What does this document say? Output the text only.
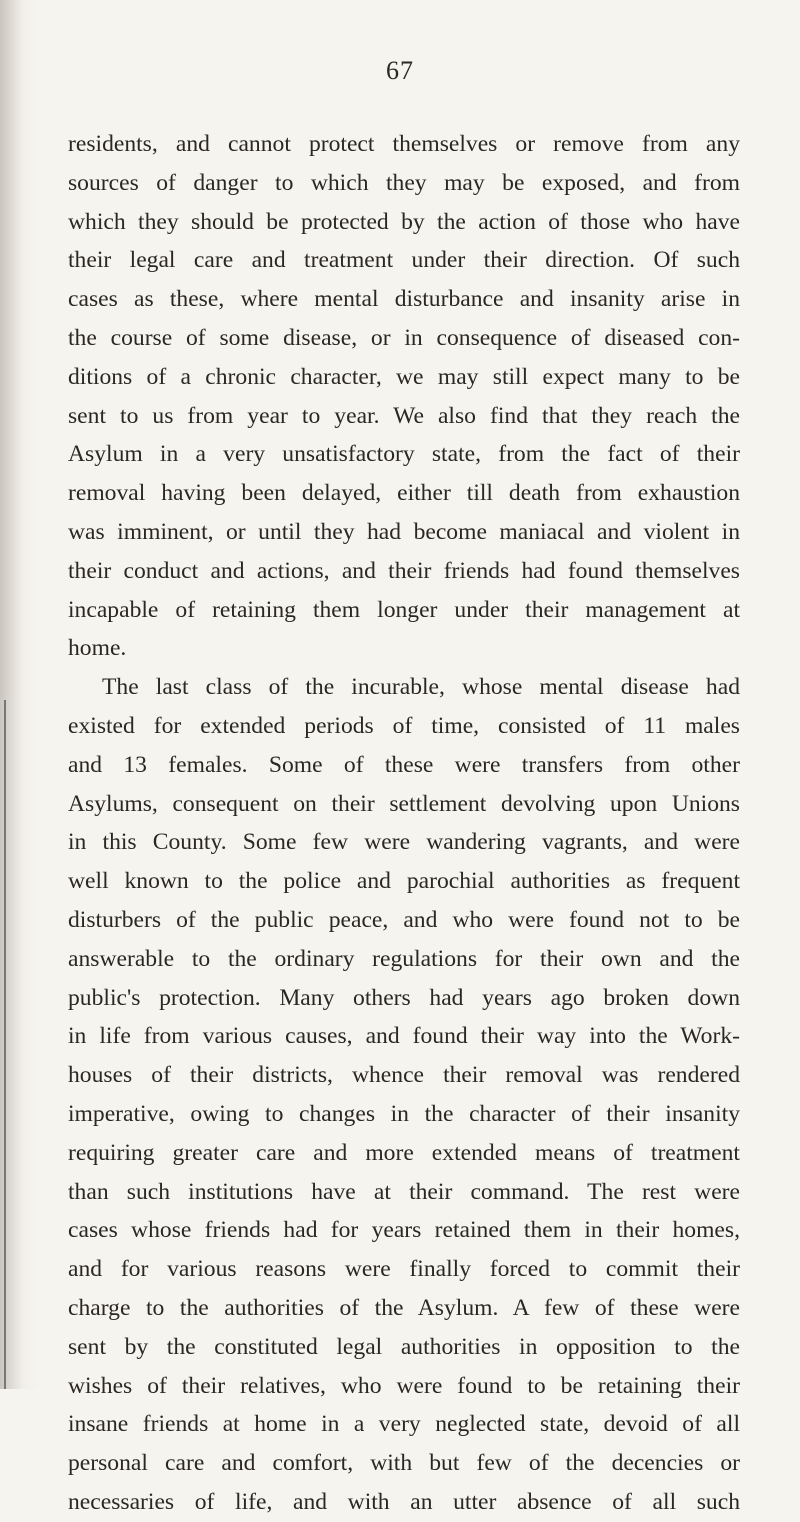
67
residents, and cannot protect themselves or remove from any
sources of danger to which they may be exposed, and from
which they should be protected by the action of those who have
their legal care and treatment under their direction. Of such
cases as these, where mental disturbance and insanity arise in
the course of some disease, or in consequence of diseased con-
ditions of a chronic character, we may still expect many to be
sent to us from year to year. We also find that they reach the
Asylum in a very unsatisfactory state, from the fact of their
removal having been delayed, either till death from exhaustion
was imminent, or until they had become maniacal and violent in
their conduct and actions, and their friends had found themselves
incapable of retaining them longer under their management at
home.
The last class of the incurable, whose mental disease had
existed for extended periods of time, consisted of 11 males
and 13 females. Some of these were transfers from other
Asylums, consequent on their settlement devolving upon Unions
in this County. Some few were wandering vagrants, and were
well known to the police and parochial authorities as frequent
disturbers of the public peace, and who were found not to be
answerable to the ordinary regulations for their own and the
public's protection. Many others had years ago broken down
in life from various causes, and found their way into the Work-
houses of their districts, whence their removal was rendered
imperative, owing to changes in the character of their insanity
requiring greater care and more extended means of treatment
than such institutions have at their command. The rest were
cases whose friends had for years retained them in their homes,
and for various reasons were finally forced to commit their
charge to the authorities of the Asylum. A few of these were
sent by the constituted legal authorities in opposition to the
wishes of their relatives, who were found to be retaining their
insane friends at home in a very neglected state, devoid of all
personal care and comfort, with but few of the decencies or
necessaries of life, and with an utter absence of all such
